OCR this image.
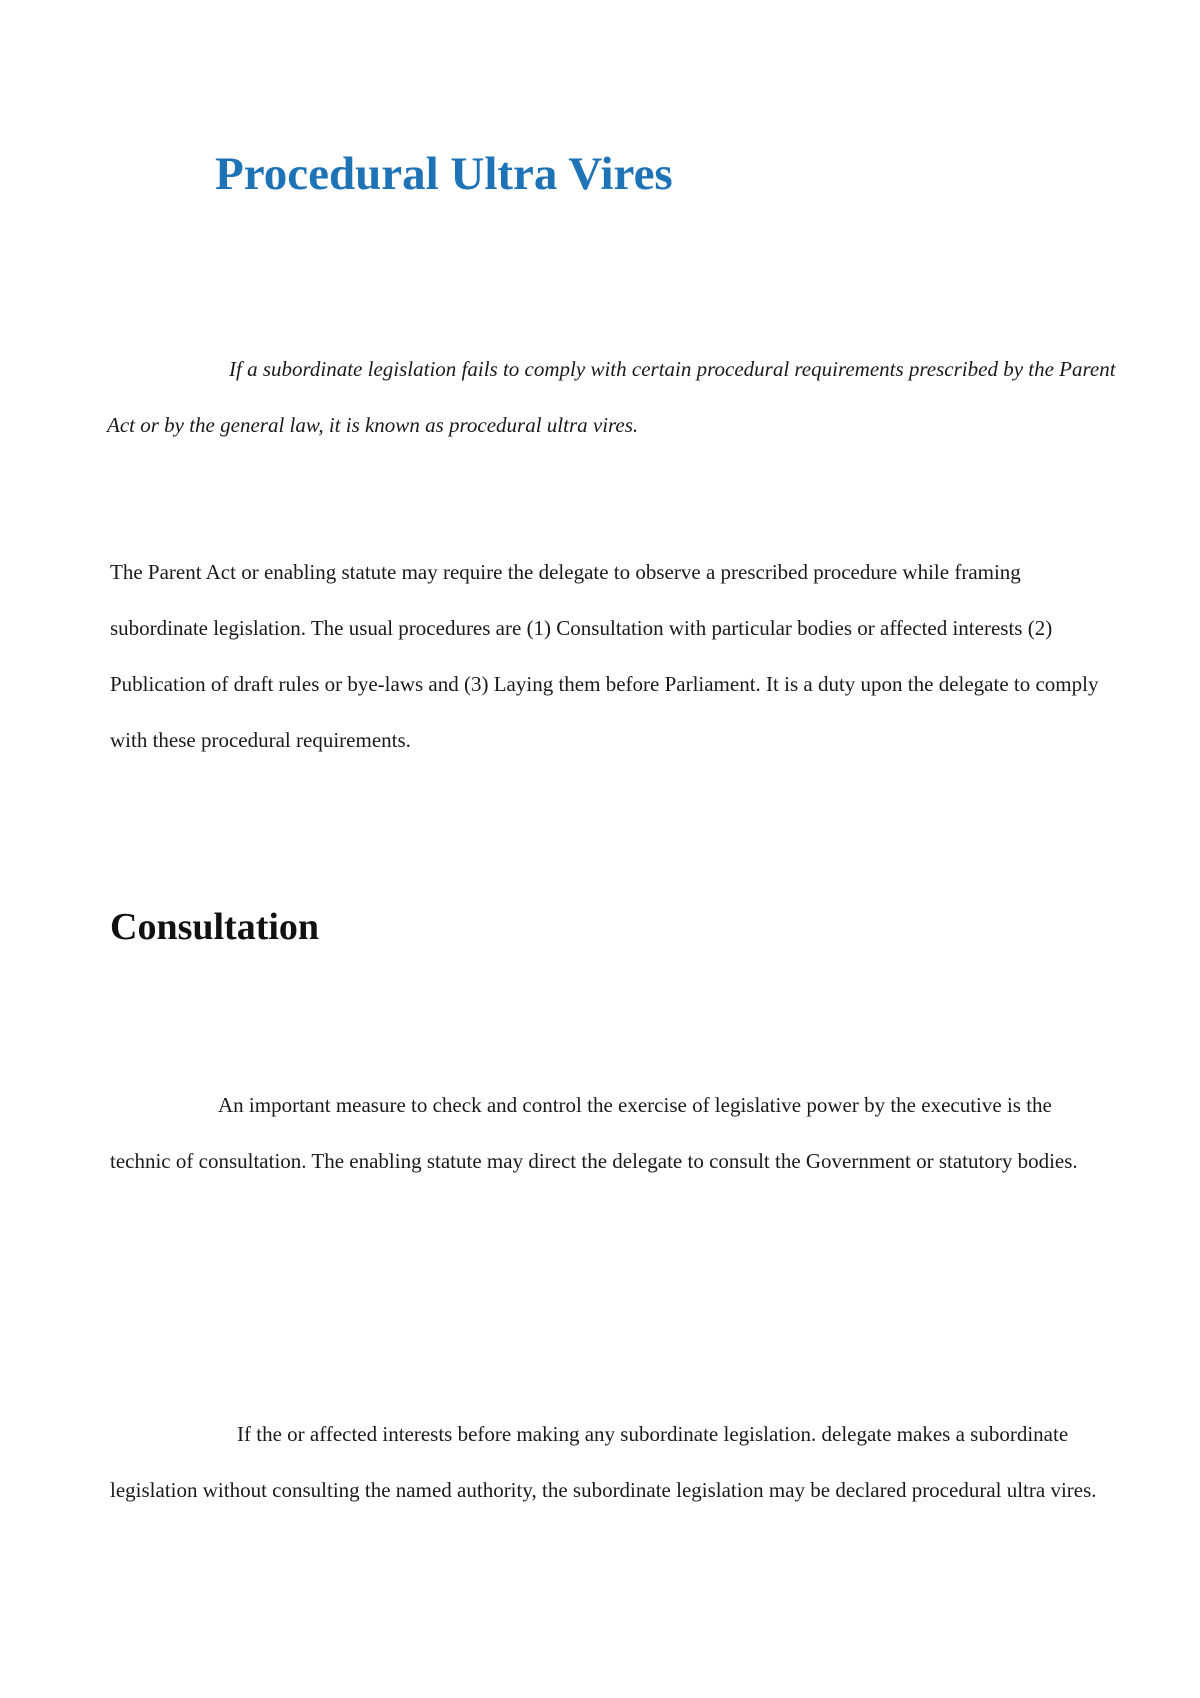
Procedural Ultra Vires

If a subordinate legislation fails to comply with certain procedural requirements prescribed by the Parent Act or by the general law, it is known as procedural ultra vires.

The Parent Act or enabling statute may require the delegate to observe a prescribed procedure while framing subordinate legislation. The usual procedures are (1) Consultation with particular bodies or affected interests (2) Publication of draft rules or bye-laws and (3) Laying them before Parliament. It is a duty upon the delegate to comply with these procedural requirements.

Consultation

An important measure to check and control the exercise of legislative power by the executive is the technic of consultation. The enabling statute may direct the delegate to consult the Government or statutory bodies.

If the or affected interests before making any subordinate legislation. delegate makes a subordinate legislation without consulting the named authority, the subordinate legislation may be declared procedural ultra vires.
